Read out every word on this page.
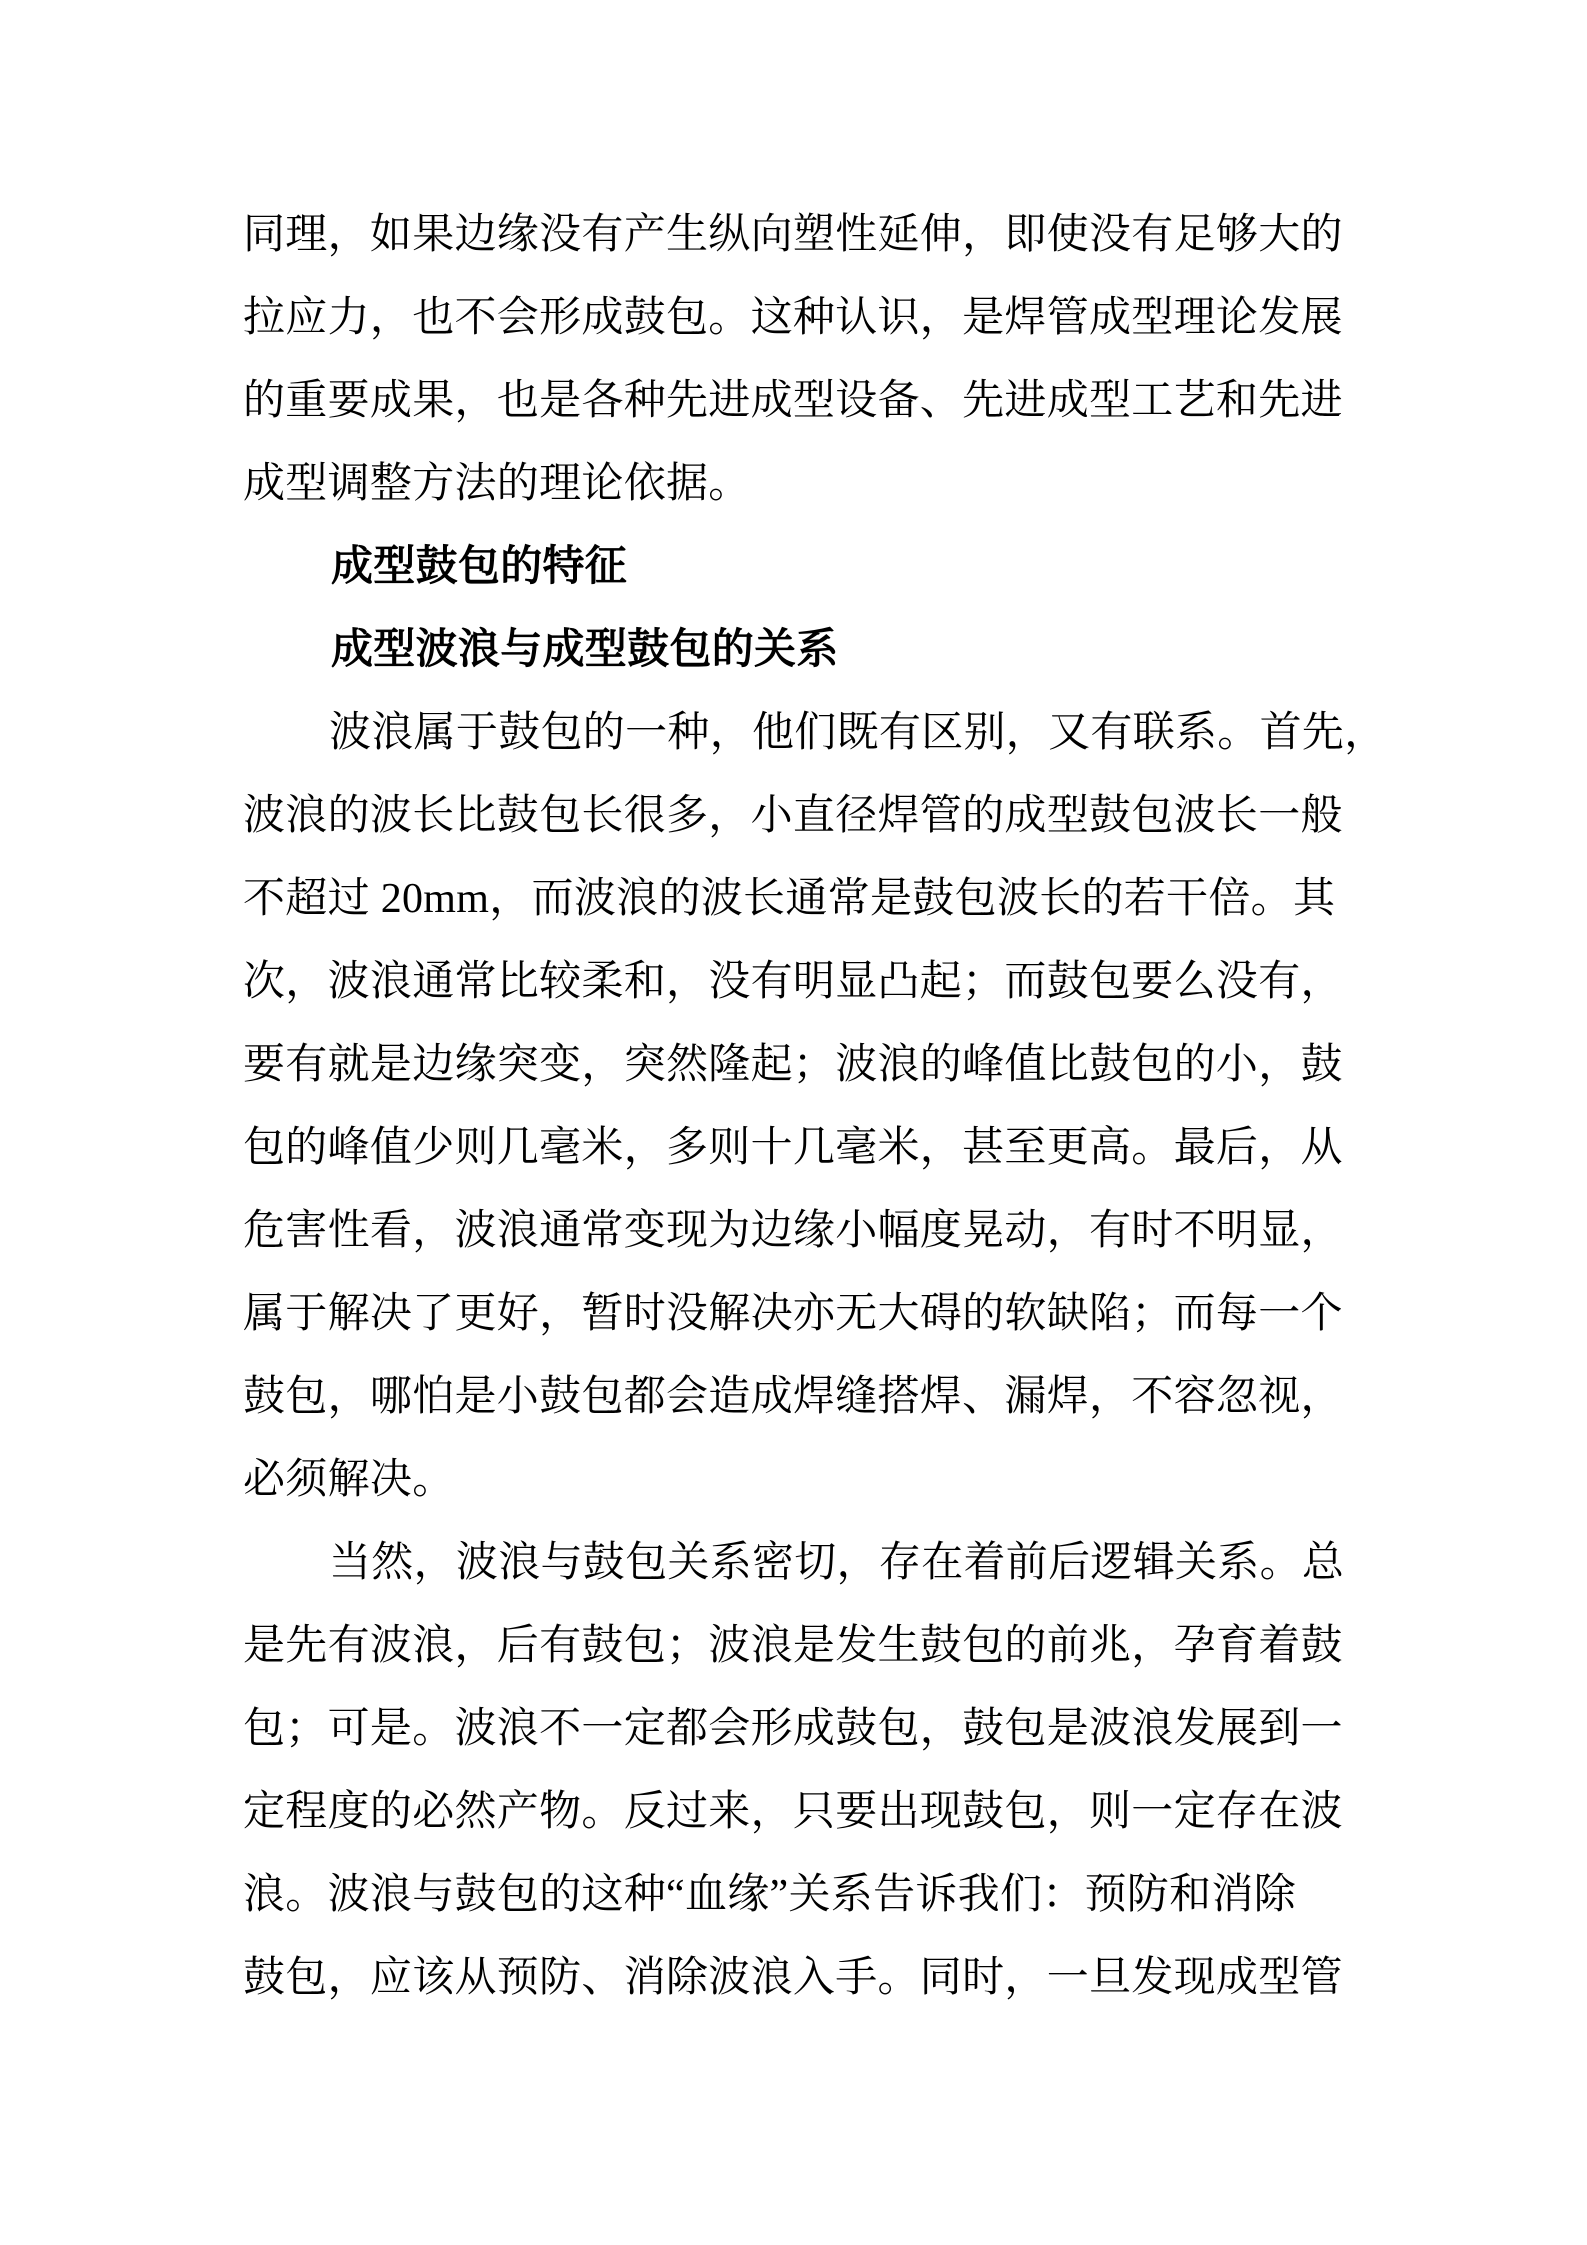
同理，如果边缘没有产生纵向塑性延伸，即使没有足够大的
拉应力，也不会形成鼓包。这种认识，是焊管成型理论发展
的重要成果，也是各种先进成型设备、先进成型工艺和先进
成型调整方法的理论依据。
成型鼓包的特征
成型波浪与成型鼓包的关系
波浪属于鼓包的一种，他们既有区别，又有联系。首先，
波浪的波长比鼓包长很多，小直径焊管的成型鼓包波长一般
不超过 20mm，而波浪的波长通常是鼓包波长的若干倍。其
次，波浪通常比较柔和，没有明显凸起；而鼓包要么没有，
要有就是边缘突变，突然隆起；波浪的峰值比鼓包的小，鼓
包的峰值少则几毫米，多则十几毫米，甚至更高。最后，从
危害性看，波浪通常变现为边缘小幅度晃动，有时不明显，
属于解决了更好，暂时没解决亦无大碍的软缺陷；而每一个
鼓包，哪怕是小鼓包都会造成焊缝搭焊、漏焊，不容忽视，
必须解决。
当然，波浪与鼓包关系密切，存在着前后逻辑关系。总
是先有波浪，后有鼓包；波浪是发生鼓包的前兆，孕育着鼓
包；可是。波浪不一定都会形成鼓包，鼓包是波浪发展到一
定程度的必然产物。反过来，只要出现鼓包，则一定存在波
浪。波浪与鼓包的这种“血缘”关系告诉我们：预防和消除
鼓包，应该从预防、消除波浪入手。同时，一旦发现成型管
